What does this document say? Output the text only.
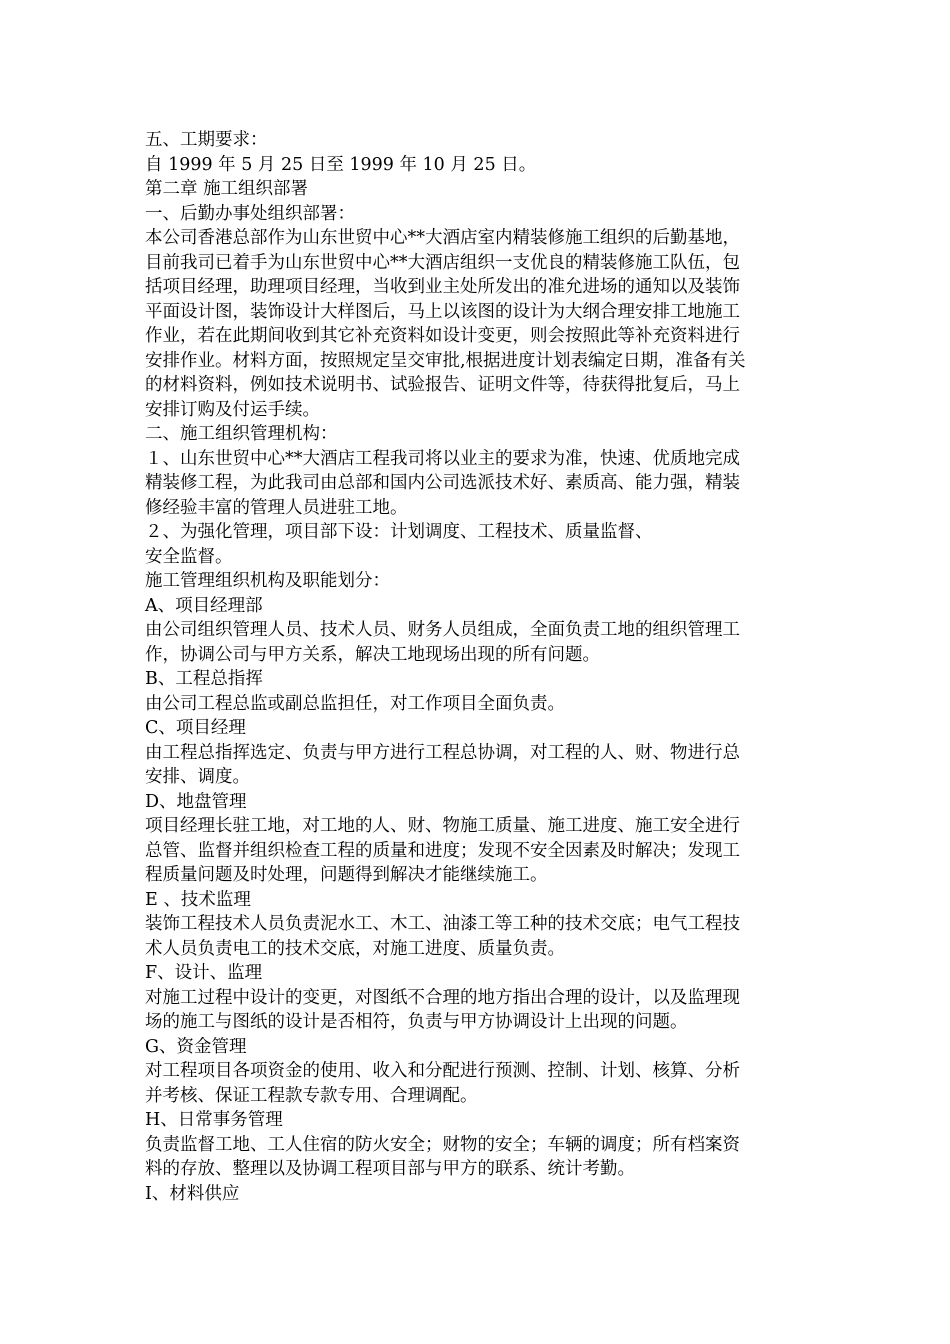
五、工期要求：
自 1999 年 5 月 25 日至 1999 年 10 月 25 日。
第二章 施工组织部署
一、后勤办事处组织部署：
本公司香港总部作为山东世贸中心**大酒店室内精装修施工组织的后勤基地，
目前我司已着手为山东世贸中心**大酒店组织一支优良的精装修施工队伍，包
括项目经理，助理项目经理，当收到业主处所发出的准允进场的通知以及装饰
平面设计图，装饰设计大样图后，马上以该图的设计为大纲合理安排工地施工
作业，若在此期间收到其它补充资料如设计变更，则会按照此等补充资料进行
安排作业。材料方面，按照规定呈交审批,根据进度计划表编定日期，准备有关
的材料资料，例如技术说明书、试验报告、证明文件等，待获得批复后，马上
安排订购及付运手续。
二、施工组织管理机构：
１、山东世贸中心**大酒店工程我司将以业主的要求为准，快速、优质地完成
精装修工程，为此我司由总部和国内公司选派技术好、素质高、能力强，精装
修经验丰富的管理人员进驻工地。
２、为强化管理，项目部下设：计划调度、工程技术、质量监督、
安全监督。
施工管理组织机构及职能划分：
A、项目经理部
由公司组织管理人员、技术人员、财务人员组成，全面负责工地的组织管理工
作，协调公司与甲方关系，解决工地现场出现的所有问题。
B、工程总指挥
由公司工程总监或副总监担任，对工作项目全面负责。
C、项目经理
由工程总指挥选定、负责与甲方进行工程总协调，对工程的人、财、物进行总
安排、调度。
D、地盘管理
项目经理长驻工地，对工地的人、财、物施工质量、施工进度、施工安全进行
总管、监督并组织检查工程的质量和进度；发现不安全因素及时解决；发现工
程质量问题及时处理，问题得到解决才能继续施工。
E 、技术监理
装饰工程技术人员负责泥水工、木工、油漆工等工种的技术交底；电气工程技
术人员负责电工的技术交底，对施工进度、质量负责。
F、设计、监理
对施工过程中设计的变更，对图纸不合理的地方指出合理的设计，以及监理现
场的施工与图纸的设计是否相符，负责与甲方协调设计上出现的问题。
G、资金管理
对工程项目各项资金的使用、收入和分配进行预测、控制、计划、核算、分析
并考核、保证工程款专款专用、合理调配。
H、日常事务管理
负责监督工地、工人住宿的防火安全；财物的安全；车辆的调度；所有档案资
料的存放、整理以及协调工程项目部与甲方的联系、统计考勤。
I、材料供应
